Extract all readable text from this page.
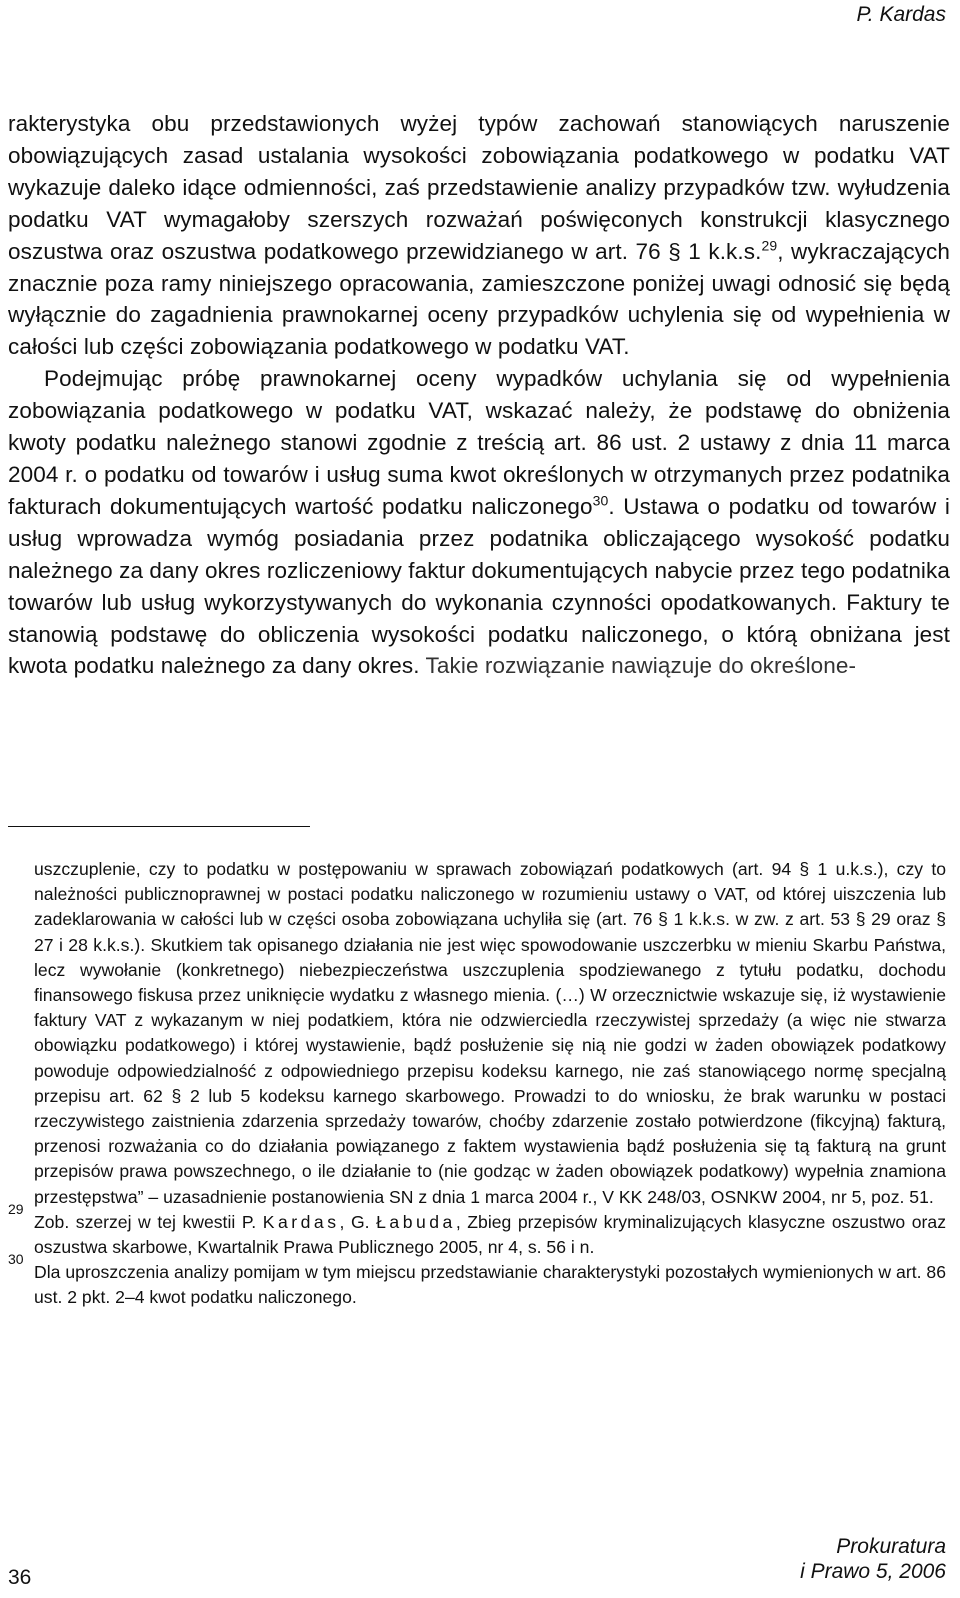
P. Kardas

rakterystyka obu przedstawionych wyżej typów zachowań stanowiących naruszenie obowiązujących zasad ustalania wysokości zobowiązania podatkowego w podatku VAT wykazuje daleko idące odmienności, zaś przedstawienie analizy przypadków tzw. wyłudzenia podatku VAT wymagałoby szerszych rozważań poświęconych konstrukcji klasycznego oszustwa oraz oszustwa podatkowego przewidzianego w art. 76 § 1 k.k.s.$^{29}$, wykraczających znacznie poza ramy niniejszego opracowania, zamieszczone poniżej uwagi odnosić się będą wyłącznie do zagadnienia prawnokarnej oceny przypadków uchylenia się od wypełnienia w całości lub części zobowiązania podatkowego w podatku VAT.

Podejmując próbę prawnokarnej oceny wypadków uchylania się od wypełnienia zobowiązania podatkowego w podatku VAT, wskazać należy, że podstawę do obniżenia kwoty podatku należnego stanowi zgodnie z treścią art. 86 ust. 2 ustawy z dnia 11 marca 2004 r. o podatku od towarów i usług suma kwot określonych w otrzymanych przez podatnika fakturach dokumentujących wartość podatku naliczonego$^{30}$. Ustawa o podatku od towarów i usług wprowadza wymóg posiadania przez podatnika obliczającego wysokość podatku należnego za dany okres rozliczeniowy faktur dokumentujących nabycie przez tego podatnika towarów lub usług wykorzystywanych do wykonania czynności opodatkowanych. Faktury te stanowią podstawę do obliczenia wysokości podatku naliczonego, o którą obniżana jest kwota podatku należnego za dany okres. Takie rozwiązanie nawiązuje do określone-

uszczuplenie, czy to podatku w postępowaniu w sprawach zobowiązań podatkowych (art. 94 § 1 u.k.s.), czy to należności publicznoprawnej w postaci podatku naliczonego w rozumieniu ustawy o VAT, od której uiszczenia lub zadeklarowania w całości lub w części osoba zobowiązana uchyliła się (art. 76 § 1 k.k.s. w zw. z art. 53 § 29 oraz § 27 i 28 k.k.s.). Skutkiem tak opisanego działania nie jest więc spowodowanie uszczerbku w mieniu Skarbu Państwa, lecz wywołanie (konkretnego) niebezpieczeństwa uszczuplenia spodziewanego z tytułu podatku, dochodu finansowego fiskusa przez uniknięcie wydatku z własnego mienia. (…) W orzecznictwie wskazuje się, iż wystawienie faktury VAT z wykazanym w niej podatkiem, która nie odzwierciedla rzeczywistej sprzedaży (a więc nie stwarza obowiązku podatkowego) i której wystawienie, bądź posłużenie się nią nie godzi w żaden obowiązek podatkowy powoduje odpowiedzialność z odpowiedniego przepisu kodeksu karnego, nie zaś stanowiącego normę specjalną przepisu art. 62 § 2 lub 5 kodeksu karnego skarbowego. Prowadzi to do wniosku, że brak warunku w postaci rzeczywistego zaistnienia zdarzenia sprzedaży towarów, choćby zdarzenie zostało potwierdzone (fikcyjną) fakturą, przenosi rozważania co do działania powiązanego z faktem wystawienia bądź posłużenia się tą fakturą na grunt przepisów prawa powszechnego, o ile działanie to (nie godząc w żaden obowiązek podatkowy) wypełnia znamiona przestępstwa” – uzasadnienie postanowienia SN z dnia 1 marca 2004 r., V KK 248/03, OSNKW 2004, nr 5, poz. 51.

29
Zob. szerzej w tej kwestii P. Kardas, G. Łabuda, Zbieg przepisów kryminalizujących klasyczne oszustwo oraz oszustwa skarbowe, Kwartalnik Prawa Publicznego 2005, nr 4, s. 56 i n.

30
Dla uproszczenia analizy pomijam w tym miejscu przedstawianie charakterystyki pozostałych wymienionych w art. 86 ust. 2 pkt. 2–4 kwot podatku naliczonego.

36
Prokuratura
i Prawo 5, 2006
